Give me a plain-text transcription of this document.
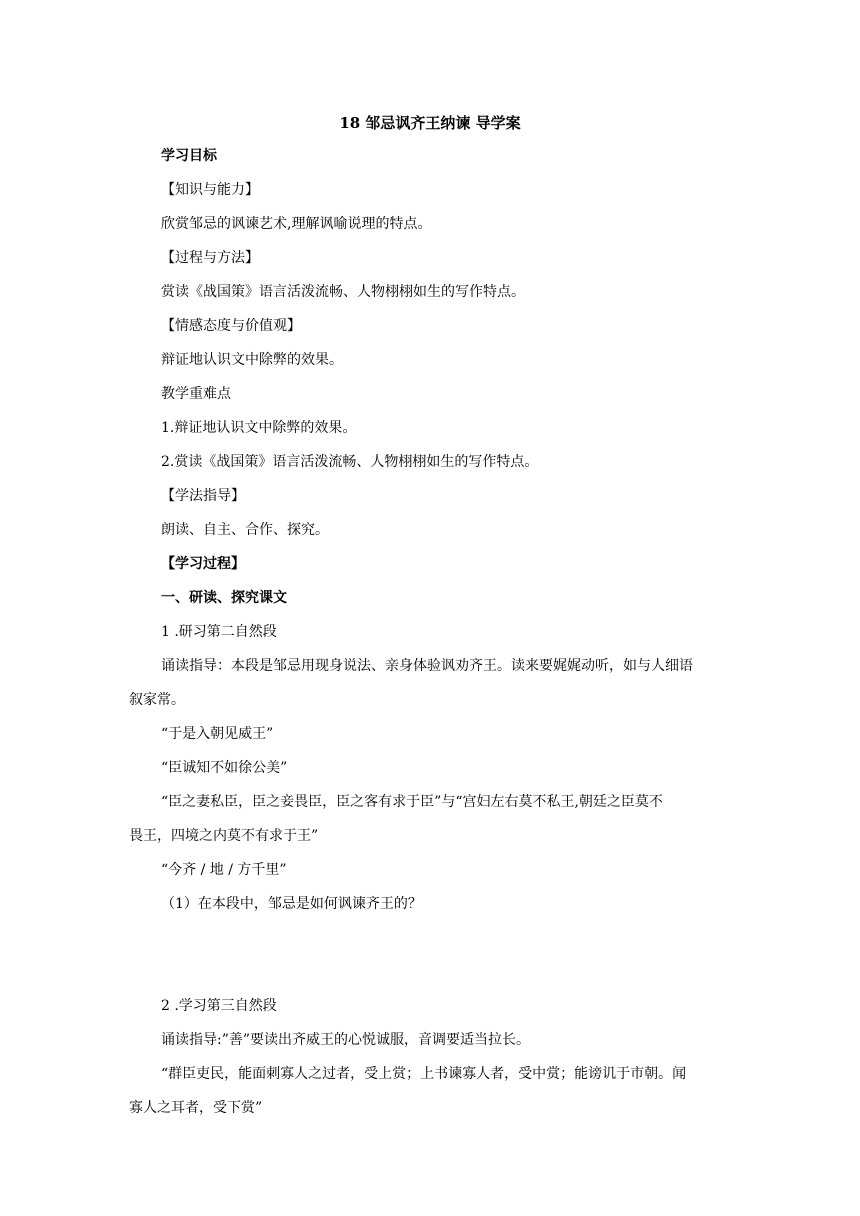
18 邹忌讽齐王纳谏 导学案
学习目标
【知识与能力】
欣赏邹忌的讽谏艺术,理解讽喻说理的特点。
【过程与方法】
赏读《战国策》语言活泼流畅、人物栩栩如生的写作特点。
【情感态度与价值观】
辩证地认识文中除弊的效果。
教学重难点
1.辩证地认识文中除弊的效果。
2.赏读《战国策》语言活泼流畅、人物栩栩如生的写作特点。
【学法指导】
朗读、自主、合作、探究。
【学习过程】
一、研读、探究课文
1 .研习第二自然段
诵读指导：本段是邹忌用现身说法、亲身体验讽劝齐王。读来要娓娓动听，如与人细语
叙家常。
“于是入朝见威王”
“臣诚知不如徐公美”
“臣之妻私臣，臣之妾畏臣，臣之客有求于臣”与“宫妇左右莫不私王,朝廷之臣莫不
畏王，四境之内莫不有求于王”
“今齐 / 地 / 方千里”
（1）在本段中，邹忌是如何讽谏齐王的？
2 .学习第三自然段
诵读指导:”善”要读出齐威王的心悦诚服，音调要适当拉长。
“群臣吏民，能面刺寡人之过者，受上赏；上书谏寡人者，受中赏；能谤讥于市朝。闻
寡人之耳者，受下赏”
